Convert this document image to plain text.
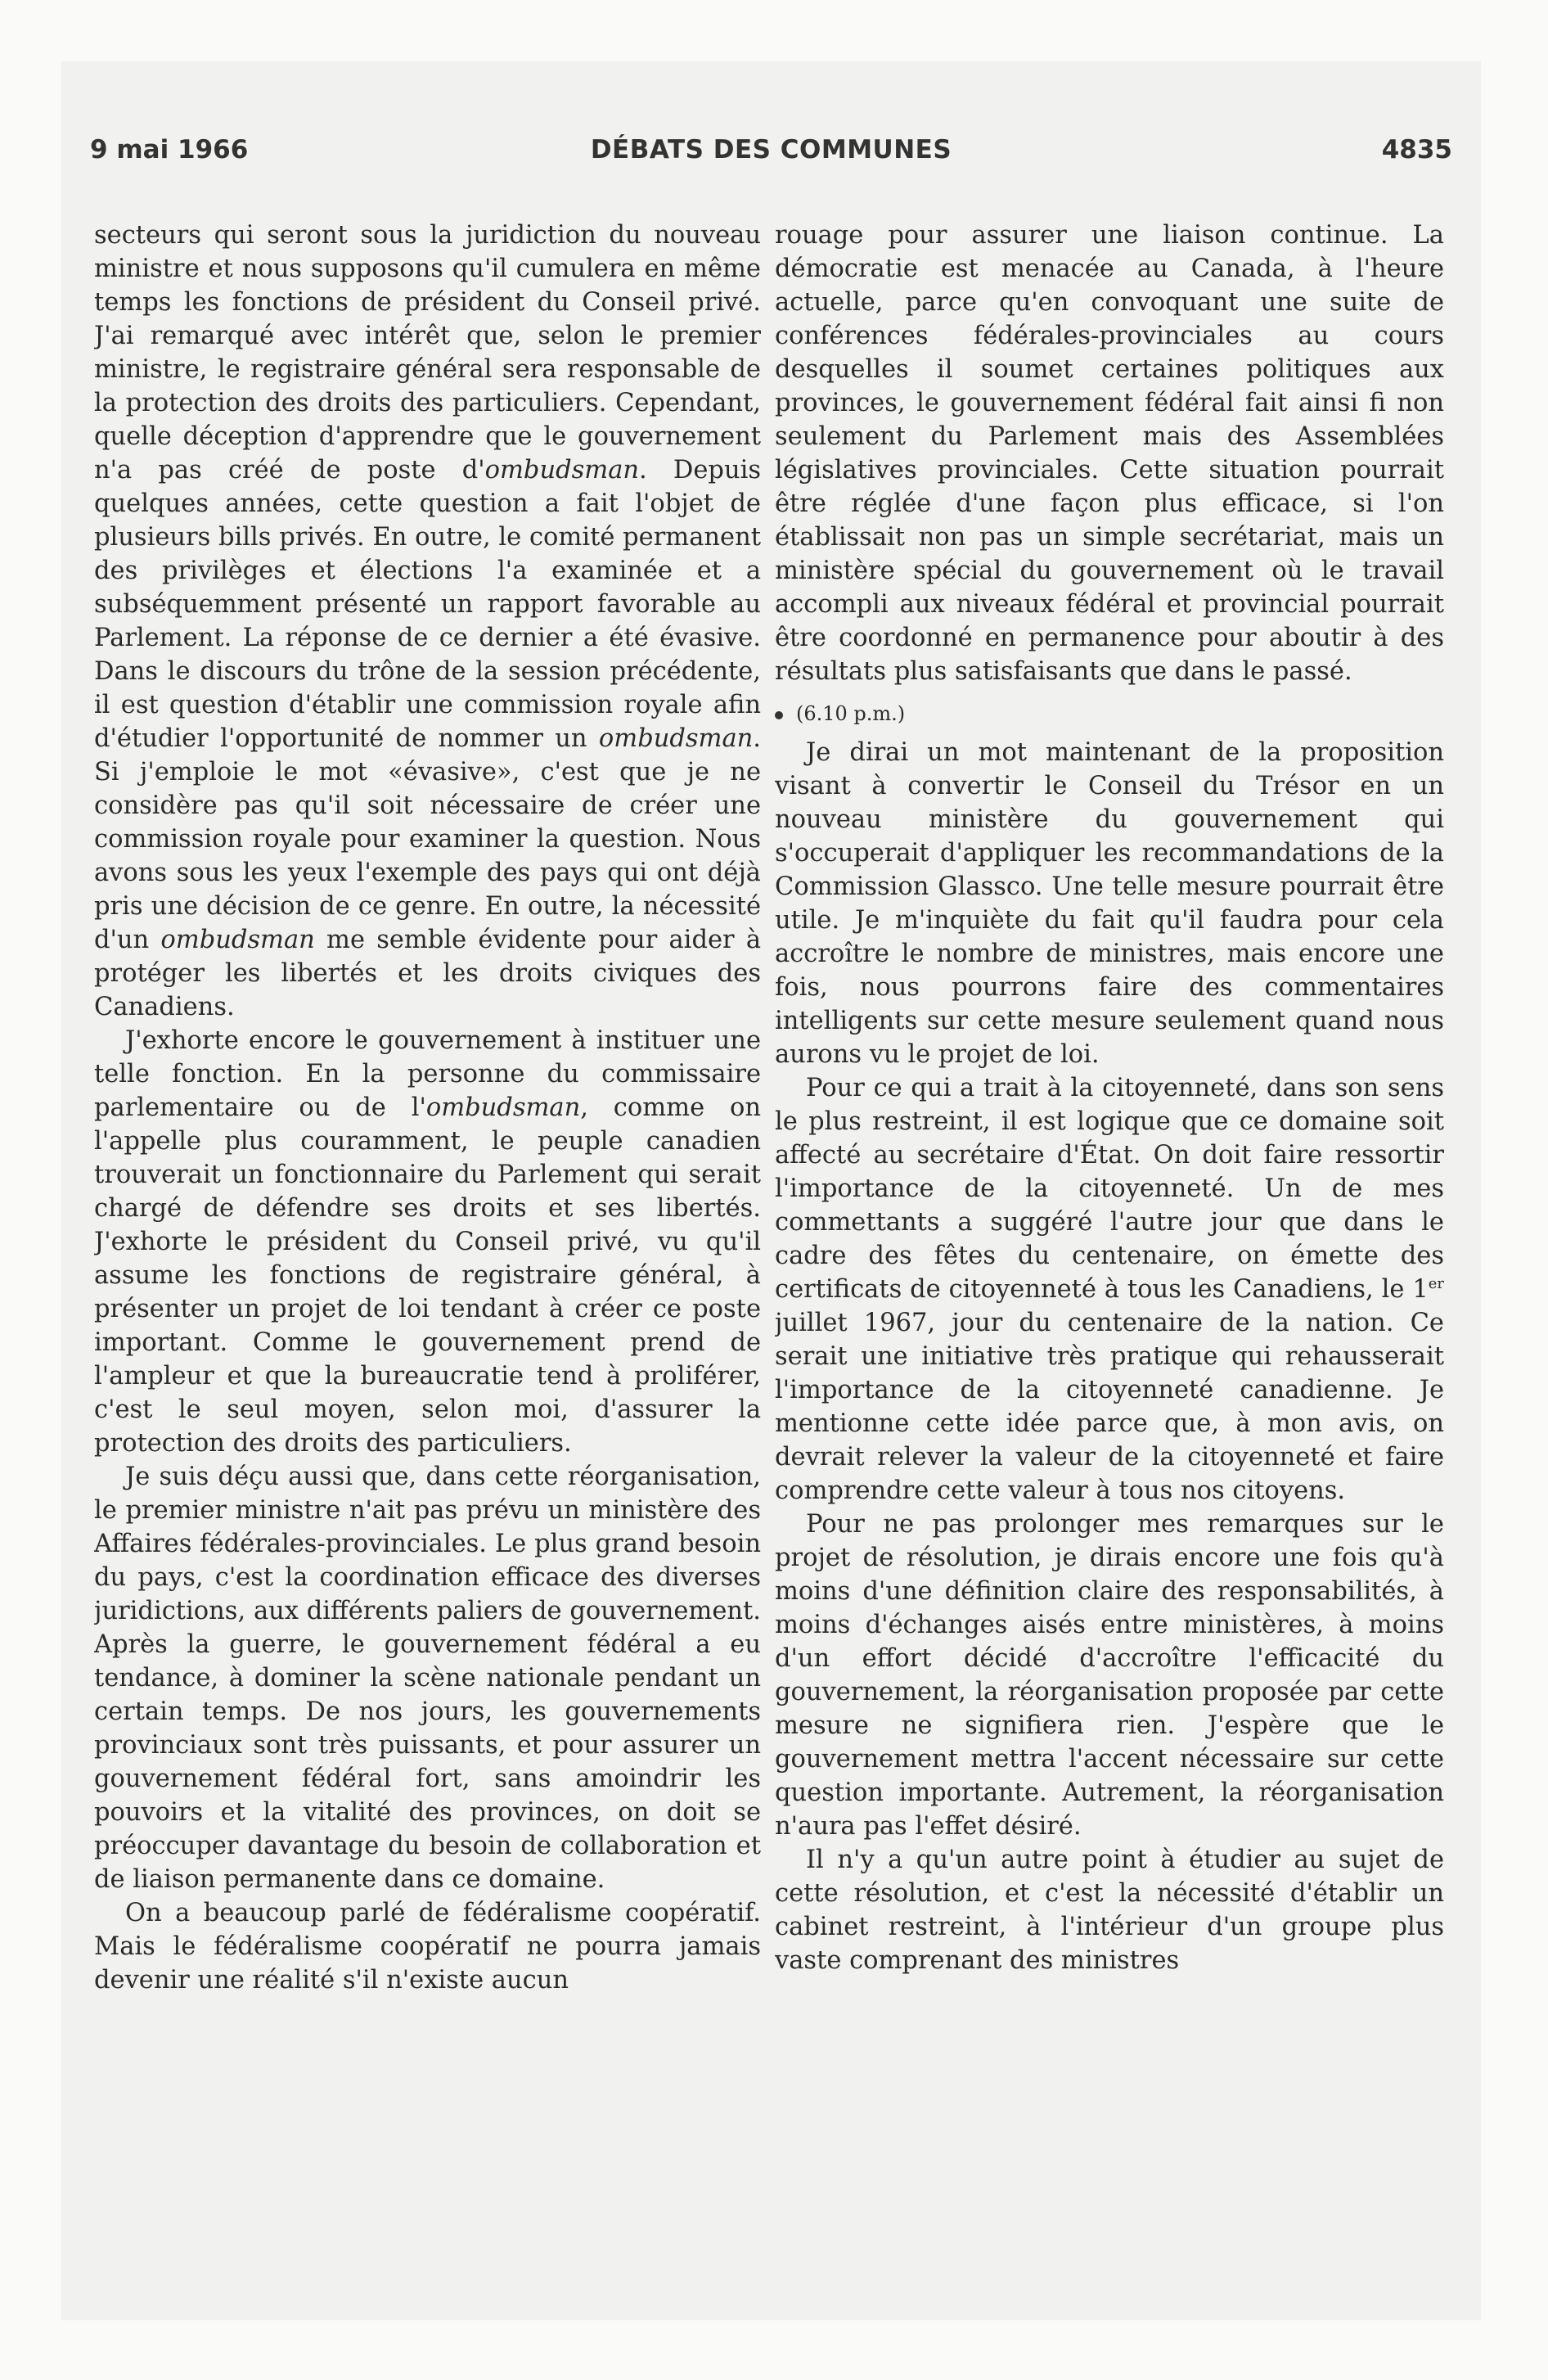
9 mai 1966	DÉBATS DES COMMUNES	4835

secteurs qui seront sous la juridiction du nouveau ministre et nous supposons qu'il cumulera en même temps les fonctions de président du Conseil privé. J'ai remarqué avec intérêt que, selon le premier ministre, le registraire général sera responsable de la protection des droits des particuliers. Cependant, quelle déception d'apprendre que le gouvernement n'a pas créé de poste d'ombudsman. Depuis quelques années, cette question a fait l'objet de plusieurs bills privés. En outre, le comité permanent des privilèges et élections l'a examinée et a subséquemment présenté un rapport favorable au Parlement. La réponse de ce dernier a été évasive. Dans le discours du trône de la session précédente, il est question d'établir une commission royale afin d'étudier l'opportunité de nommer un ombudsman. Si j'emploie le mot «évasive», c'est que je ne considère pas qu'il soit nécessaire de créer une commission royale pour examiner la question. Nous avons sous les yeux l'exemple des pays qui ont déjà pris une décision de ce genre. En outre, la nécessité d'un ombudsman me semble évidente pour aider à protéger les libertés et les droits civiques des Canadiens.

J'exhorte encore le gouvernement à instituer une telle fonction. En la personne du commissaire parlementaire ou de l'ombudsman, comme on l'appelle plus couramment, le peuple canadien trouverait un fonctionnaire du Parlement qui serait chargé de défendre ses droits et ses libertés. J'exhorte le président du Conseil privé, vu qu'il assume les fonctions de registraire général, à présenter un projet de loi tendant à créer ce poste important. Comme le gouvernement prend de l'ampleur et que la bureaucratie tend à proliférer, c'est le seul moyen, selon moi, d'assurer la protection des droits des particuliers.

Je suis déçu aussi que, dans cette réorganisation, le premier ministre n'ait pas prévu un ministère des Affaires fédérales-provinciales. Le plus grand besoin du pays, c'est la coordination efficace des diverses juridictions, aux différents paliers de gouvernement. Après la guerre, le gouvernement fédéral a eu tendance, à dominer la scène nationale pendant un certain temps. De nos jours, les gouvernements provinciaux sont très puissants, et pour assurer un gouvernement fédéral fort, sans amoindrir les pouvoirs et la vitalité des provinces, on doit se préoccuper davantage du besoin de collaboration et de liaison permanente dans ce domaine.

On a beaucoup parlé de fédéralisme coopératif. Mais le fédéralisme coopératif ne pourra jamais devenir une réalité s'il n'existe aucun

rouage pour assurer une liaison continue. La démocratie est menacée au Canada, à l'heure actuelle, parce qu'en convoquant une suite de conférences fédérales-provinciales au cours desquelles il soumet certaines politiques aux provinces, le gouvernement fédéral fait ainsi fi non seulement du Parlement mais des Assemblées législatives provinciales. Cette situation pourrait être réglée d'une façon plus efficace, si l'on établissait non pas un simple secrétariat, mais un ministère spécial du gouvernement où le travail accompli aux niveaux fédéral et provincial pourrait être coordonné en permanence pour aboutir à des résultats plus satisfaisants que dans le passé.

(6.10 p.m.)

Je dirai un mot maintenant de la proposition visant à convertir le Conseil du Trésor en un nouveau ministère du gouvernement qui s'occuperait d'appliquer les recommandations de la Commission Glassco. Une telle mesure pourrait être utile. Je m'inquiète du fait qu'il faudra pour cela accroître le nombre de ministres, mais encore une fois, nous pourrons faire des commentaires intelligents sur cette mesure seulement quand nous aurons vu le projet de loi.

Pour ce qui a trait à la citoyenneté, dans son sens le plus restreint, il est logique que ce domaine soit affecté au secrétaire d'État. On doit faire ressortir l'importance de la citoyenneté. Un de mes commettants a suggéré l'autre jour que dans le cadre des fêtes du centenaire, on émette des certificats de citoyenneté à tous les Canadiens, le 1er juillet 1967, jour du centenaire de la nation. Ce serait une initiative très pratique qui rehausserait l'importance de la citoyenneté canadienne. Je mentionne cette idée parce que, à mon avis, on devrait relever la valeur de la citoyenneté et faire comprendre cette valeur à tous nos citoyens.

Pour ne pas prolonger mes remarques sur le projet de résolution, je dirais encore une fois qu'à moins d'une définition claire des responsabilités, à moins d'échanges aisés entre ministères, à moins d'un effort décidé d'accroître l'efficacité du gouvernement, la réorganisation proposée par cette mesure ne signifiera rien. J'espère que le gouvernement mettra l'accent nécessaire sur cette question importante. Autrement, la réorganisation n'aura pas l'effet désiré.

Il n'y a qu'un autre point à étudier au sujet de cette résolution, et c'est la nécessité d'établir un cabinet restreint, à l'intérieur d'un groupe plus vaste comprenant des ministres
